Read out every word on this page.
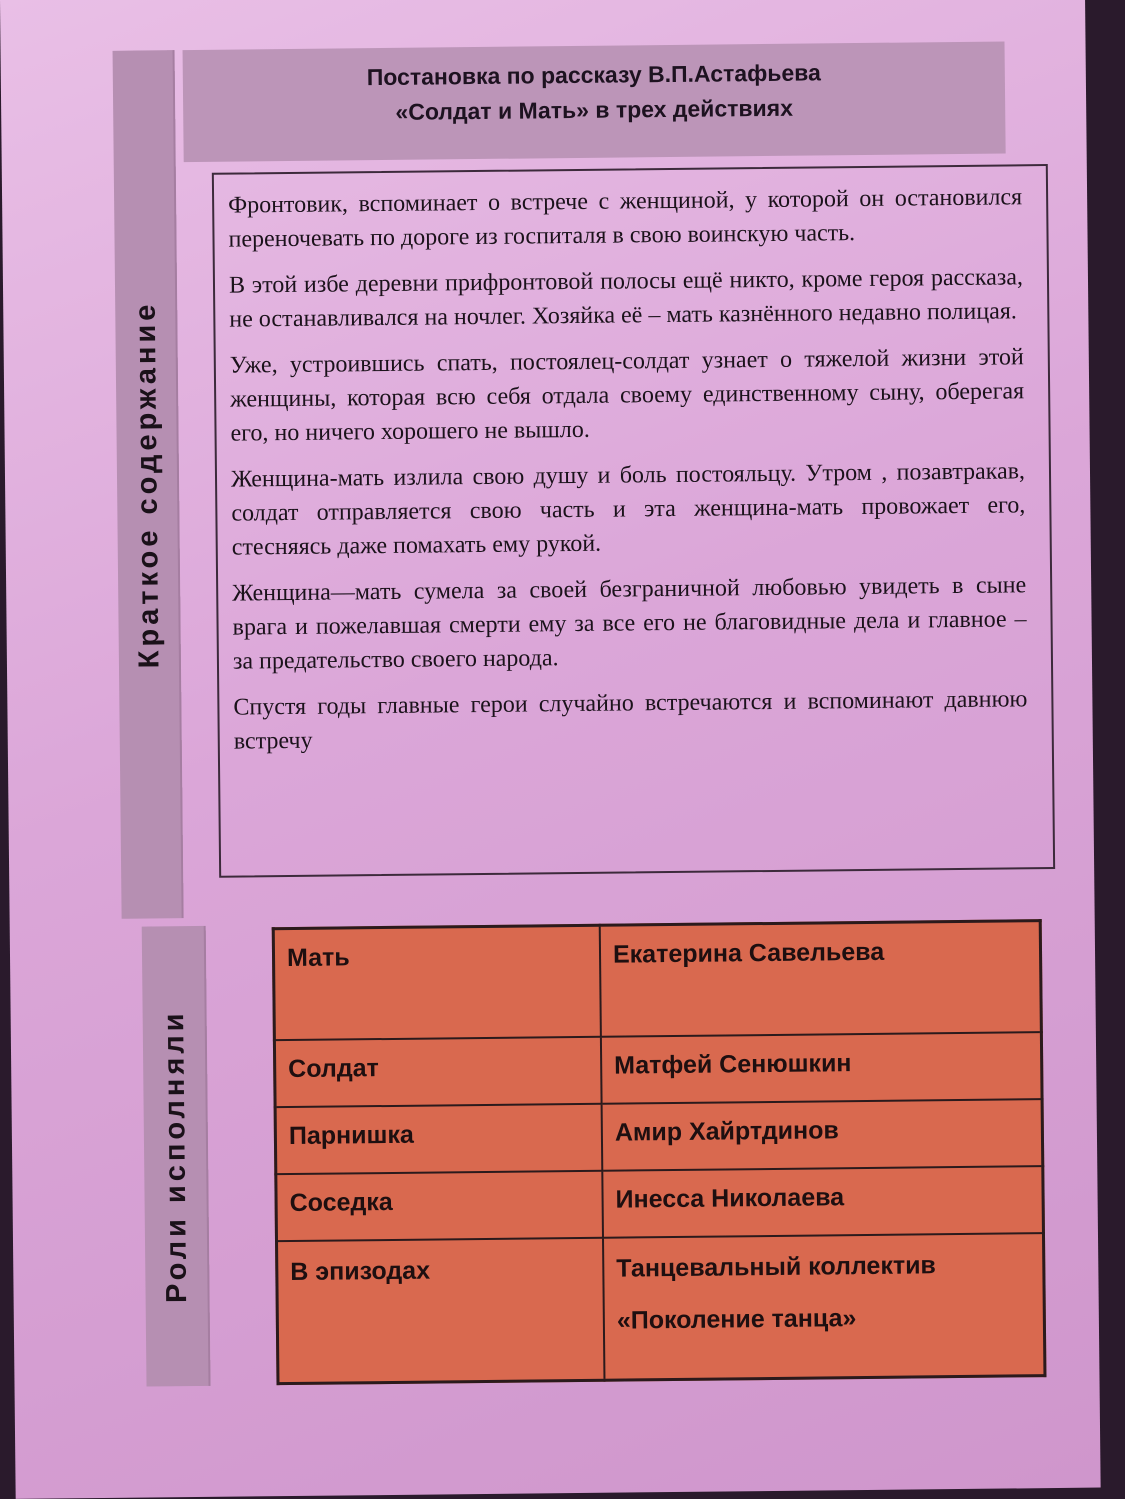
Постановка по рассказу В.П.Астафьева
«Солдат и Мать» в трех действиях
Краткое содержание

Фронтовик, вспоминает о встрече с женщиной, у которой он остановился переночевать по дороге из госпиталя в свою воинскую часть.

В этой избе деревни прифронтовой полосы ещё никто, кроме героя рассказа, не останавливался на ночлег. Хозяйка её – мать казнённого недавно полицая.

Уже, устроившись спать, постоялец-солдат узнает о тяжелой жизни этой женщины, которая всю себя отдала своему единственному сыну, оберегая его, но ничего хорошего не вышло.

Женщина-мать излила свою душу и боль постояльцу. Утром , позавтракав, солдат отправляется свою часть и эта женщина-мать провожает его, стесняясь даже помахать ему рукой.

Женщина—мать сумела за своей безграничной любовью увидеть в сыне врага и пожелавшая смерти ему за все его не благовидные дела и главное – за предательство своего народа.

Спустя годы главные герои случайно встречаются и вспоминают давнюю встречу

Роли исполняли
Мать	Екатерина Савельева
Солдат	Матфей Сенюшкин
Парнишка	Амир Хайртдинов
Соседка	Инесса Николаева
В эпизодах	Танцевальный коллектив
«Поколение танца»
